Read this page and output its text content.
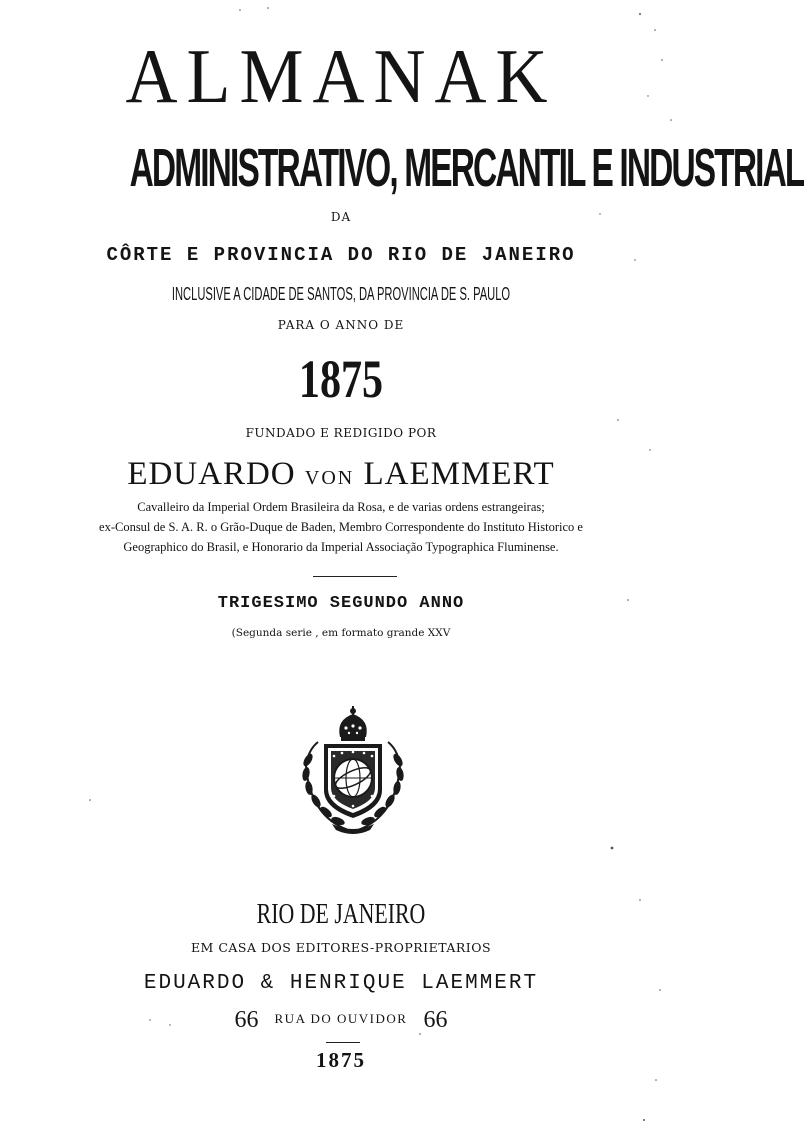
ALMANAK
ADMINISTRATIVO, MERCANTIL E INDUSTRIAL
DA
CÔRTE E PROVINCIA DO RIO DE JANEIRO
INCLUSIVE A CIDADE DE SANTOS, DA PROVINCIA DE S. PAULO
PARA O ANNO DE
1875
FUNDADO E REDIGIDO POR
EDUARDO VON LAEMMERT
Cavalleiro da Imperial Ordem Brasileira da Rosa, e de varias ordens estrangeiras;
ex-Consul de S. A. R. o Grão-Duque de Baden, Membro Correspondente do Instituto Historico e
Geographico do Brasil, e Honorario da Imperial Associação Typographica Fluminense.
TRIGESIMO SEGUNDO ANNO
(Segunda serie , em formato grande XXV
RIO DE JANEIRO
EM CASA DOS EDITORES-PROPRIETARIOS
EDUARDO & HENRIQUE LAEMMERT
66 RUA DO OUVIDOR 66
1875
